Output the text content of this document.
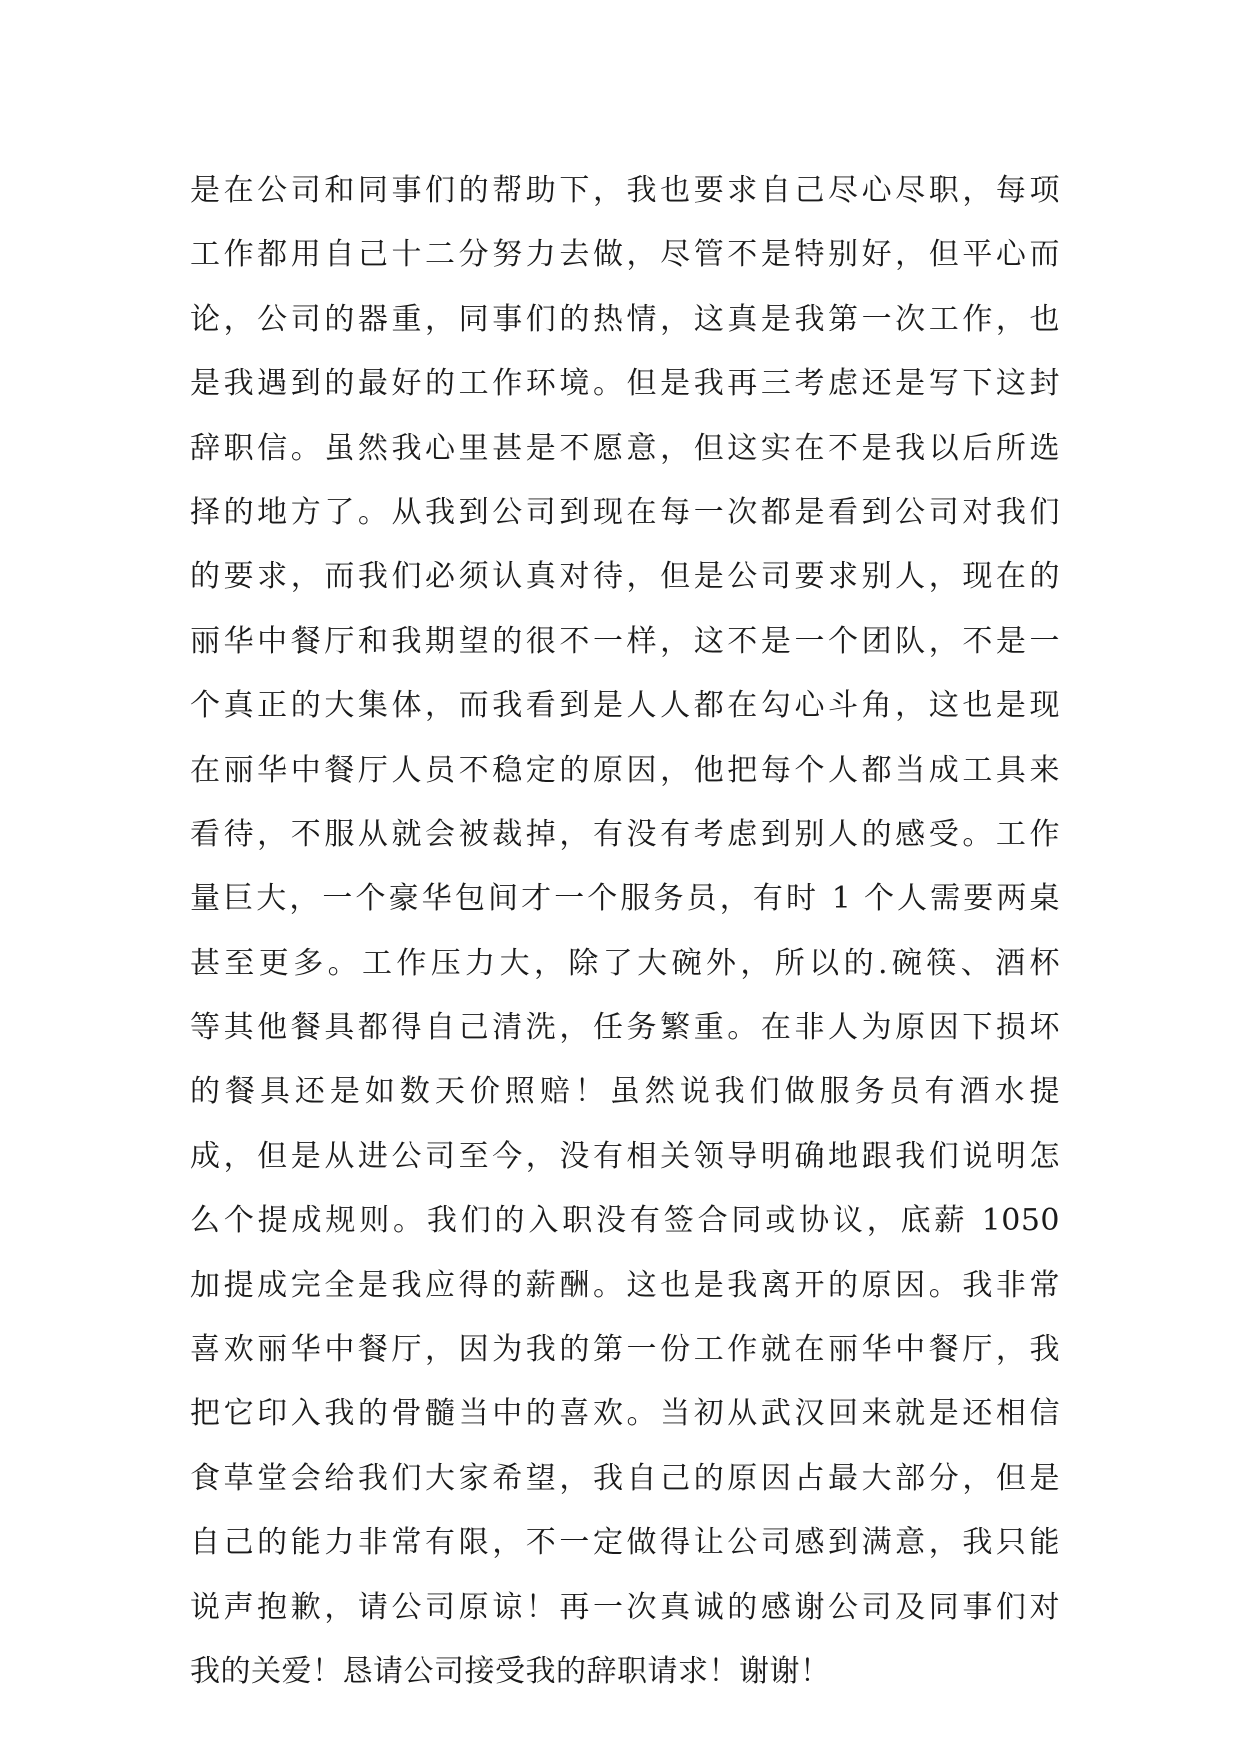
是在公司和同事们的帮助下，我也要求自己尽心尽职，每项
工作都用自己十二分努力去做，尽管不是特别好，但平心而
论，公司的器重，同事们的热情，这真是我第一次工作，也
是我遇到的最好的工作环境。但是我再三考虑还是写下这封
辞职信。虽然我心里甚是不愿意，但这实在不是我以后所选
择的地方了。从我到公司到现在每一次都是看到公司对我们
的要求，而我们必须认真对待，但是公司要求别人，现在的
丽华中餐厅和我期望的很不一样，这不是一个团队，不是一
个真正的大集体，而我看到是人人都在勾心斗角，这也是现
在丽华中餐厅人员不稳定的原因，他把每个人都当成工具来
看待，不服从就会被裁掉，有没有考虑到别人的感受。工作
量巨大，一个豪华包间才一个服务员，有时 1 个人需要两桌
甚至更多。工作压力大，除了大碗外，所以的.碗筷、酒杯
等其他餐具都得自己清洗，任务繁重。在非人为原因下损坏
的餐具还是如数天价照赔！虽然说我们做服务员有酒水提
成，但是从进公司至今，没有相关领导明确地跟我们说明怎
么个提成规则。我们的入职没有签合同或协议，底薪 1050
加提成完全是我应得的薪酬。这也是我离开的原因。我非常
喜欢丽华中餐厅，因为我的第一份工作就在丽华中餐厅，我
把它印入我的骨髓当中的喜欢。当初从武汉回来就是还相信
食草堂会给我们大家希望，我自己的原因占最大部分，但是
自己的能力非常有限，不一定做得让公司感到满意，我只能
说声抱歉，请公司原谅！再一次真诚的感谢公司及同事们对
我的关爱！恳请公司接受我的辞职请求！谢谢！
